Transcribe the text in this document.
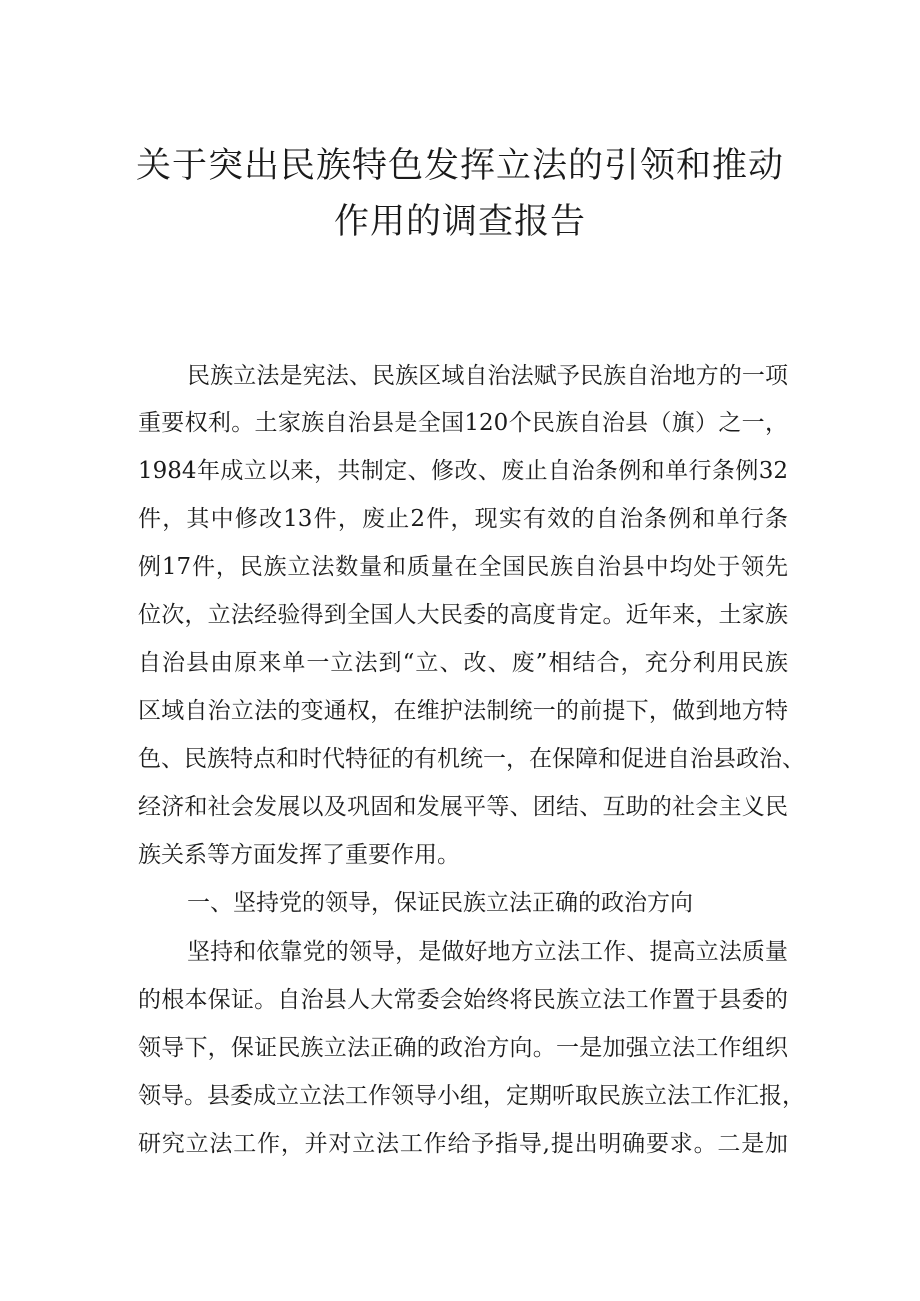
关于突出民族特色发挥立法的引领和推动
作用的调查报告
民族立法是宪法、民族区域自治法赋予民族自治地方的一项
重要权利。土家族自治县是全国120个民族自治县（旗）之一，
1984年成立以来，共制定、修改、废止自治条例和单行条例32
件，其中修改13件，废止2件，现实有效的自治条例和单行条
例17件，民族立法数量和质量在全国民族自治县中均处于领先
位次，立法经验得到全国人大民委的高度肯定。近年来，土家族
自治县由原来单一立法到“立、改、废”相结合，充分利用民族
区域自治立法的变通权，在维护法制统一的前提下，做到地方特
色、民族特点和时代特征的有机统一，在保障和促进自治县政治、
经济和社会发展以及巩固和发展平等、团结、互助的社会主义民
族关系等方面发挥了重要作用。
一、坚持党的领导，保证民族立法正确的政治方向
坚持和依靠党的领导，是做好地方立法工作、提高立法质量
的根本保证。自治县人大常委会始终将民族立法工作置于县委的
领导下，保证民族立法正确的政治方向。一是加强立法工作组织
领导。县委成立立法工作领导小组，定期听取民族立法工作汇报，
研究立法工作，并对立法工作给予指导,提出明确要求。二是加
